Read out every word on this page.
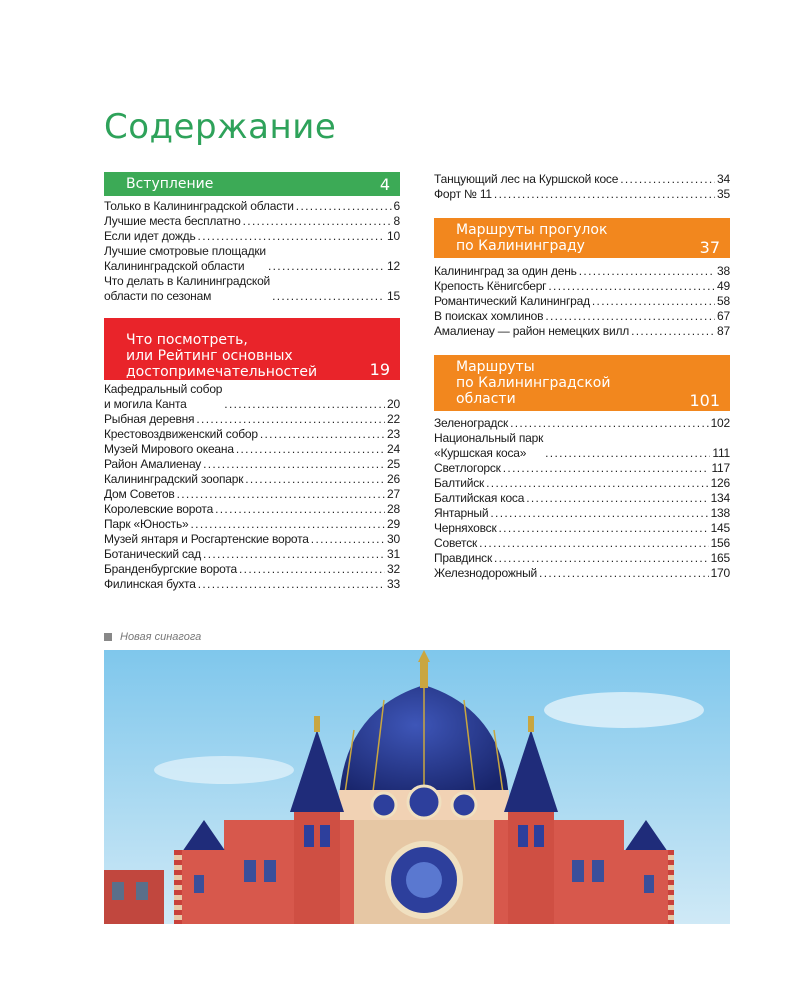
Содержание
Вступление	4
Только в Калининградской области . . .	6
Лучшие места бесплатно . . .	8
Если идет дождь . . .	10
Лучшие смотровые площадки
Калининградской области . . .	12
Что делать в Калининградской
области по сезонам . . .	15
Что посмотреть,
или Рейтинг основных
достопримечательностей	19
Кафедральный собор
и могила Канта . . .	20
Рыбная деревня . . .	22
Крестовоздвиженский собор . . .	23
Музей Мирового океана . . .	24
Район Амалиенау . . .	25
Калининградский зоопарк . . .	26
Дом Советов . . .	27
Королевские ворота . . .	28
Парк «Юность» . . .	29
Музей янтаря и Росгартенские ворота . . .	30
Ботанический сад . . .	31
Бранденбургские ворота . . .	32
Филинская бухта . . .	33
Танцующий лес на Куршской косе . . .	34
Форт № 11 . . .	35
Маршруты прогулок
по Калининграду	37
Калининград за один день . . .	38
Крепость Кёнигсберг . . .	49
Романтический Калининград . . .	58
В поисках хомлинов . . .	67
Амалиенау — район немецких вилл . . .	87
Маршруты
по Калининградской
области	101
Зеленоградск . . .	102
Национальный парк
«Куршская коса» . . .	111
Светлогорск . . .	117
Балтийск . . .	126
Балтийская коса . . .	134
Янтарный . . .	138
Черняховск . . .	145
Советск . . .	156
Правдинск . . .	165
Железнодорожный . . .	170
Новая синагога
